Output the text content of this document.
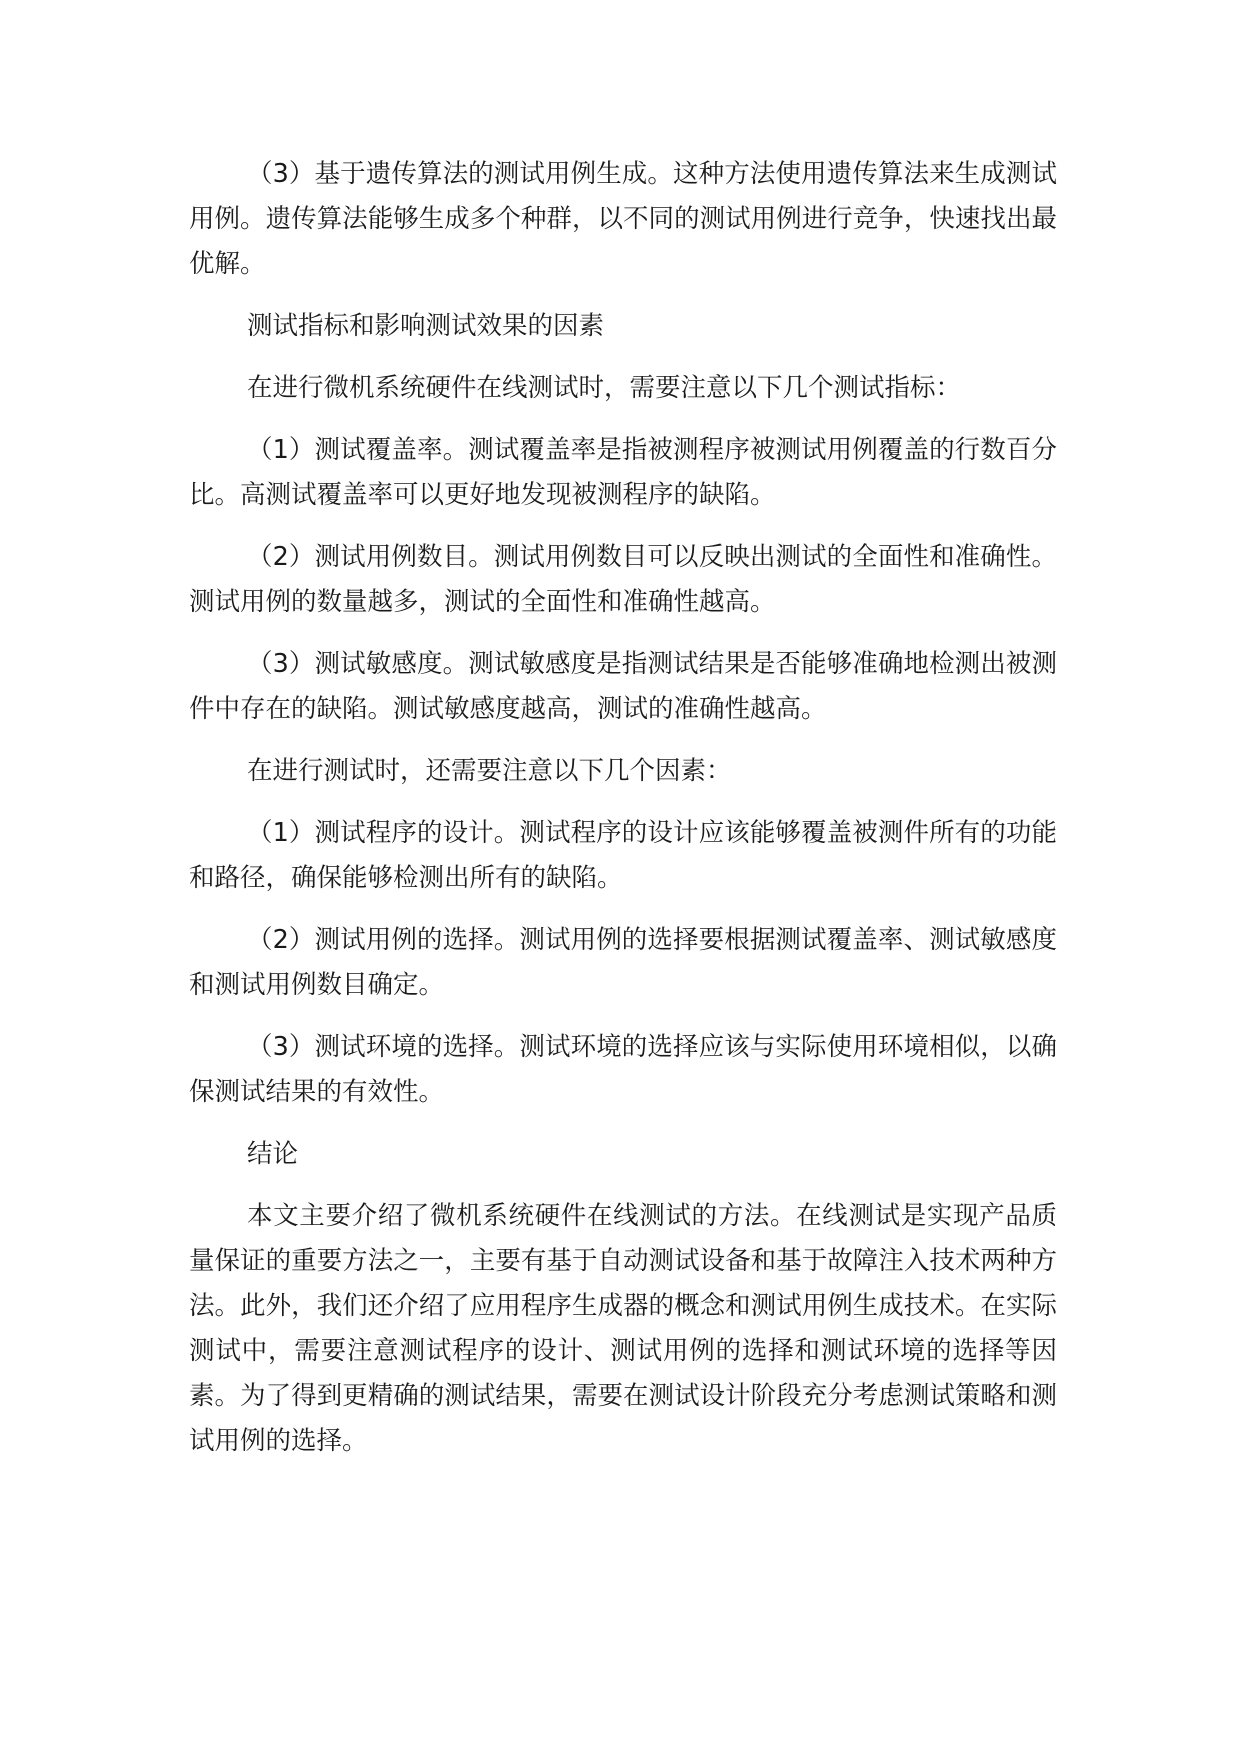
（3）基于遗传算法的测试用例生成。这种方法使用遗传算法来生成测试用例。遗传算法能够生成多个种群，以不同的测试用例进行竞争，快速找出最优解。

测试指标和影响测试效果的因素

在进行微机系统硬件在线测试时，需要注意以下几个测试指标：

（1）测试覆盖率。测试覆盖率是指被测程序被测试用例覆盖的行数百分比。高测试覆盖率可以更好地发现被测程序的缺陷。

（2）测试用例数目。测试用例数目可以反映出测试的全面性和准确性。测试用例的数量越多，测试的全面性和准确性越高。

（3）测试敏感度。测试敏感度是指测试结果是否能够准确地检测出被测件中存在的缺陷。测试敏感度越高，测试的准确性越高。

在进行测试时，还需要注意以下几个因素：

（1）测试程序的设计。测试程序的设计应该能够覆盖被测件所有的功能和路径，确保能够检测出所有的缺陷。

（2）测试用例的选择。测试用例的选择要根据测试覆盖率、测试敏感度和测试用例数目确定。

（3）测试环境的选择。测试环境的选择应该与实际使用环境相似，以确保测试结果的有效性。

结论

本文主要介绍了微机系统硬件在线测试的方法。在线测试是实现产品质量保证的重要方法之一，主要有基于自动测试设备和基于故障注入技术两种方法。此外，我们还介绍了应用程序生成器的概念和测试用例生成技术。在实际测试中，需要注意测试程序的设计、测试用例的选择和测试环境的选择等因素。为了得到更精确的测试结果，需要在测试设计阶段充分考虑测试策略和测试用例的选择。
